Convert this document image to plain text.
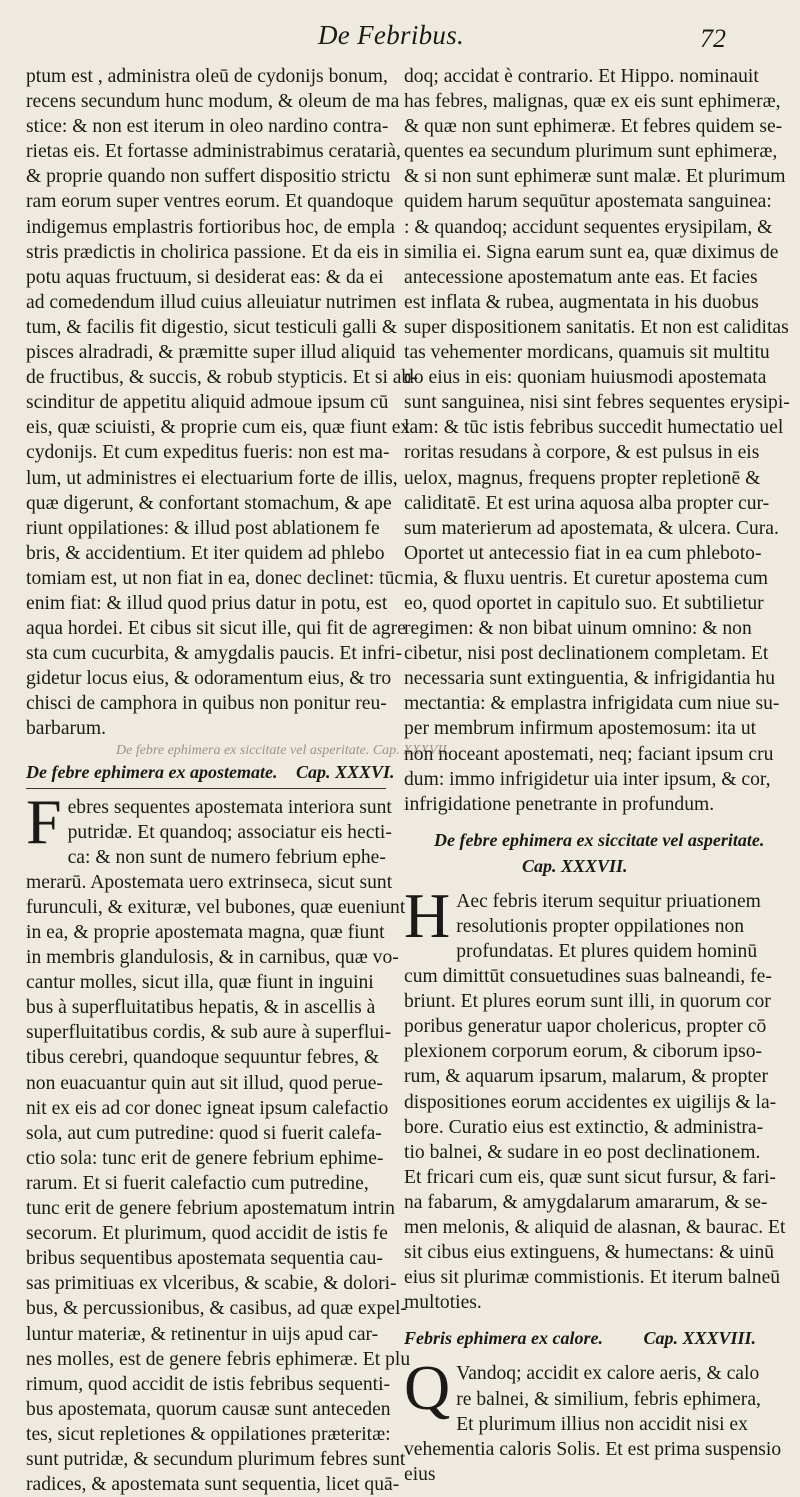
De Febribus.	72
ptum est , administra oleū de cydonijs bonum,
recens secundum hunc modum, & oleum de ma
stice: & non est iterum in oleo nardino contra-
rietas eis. Et fortasse administrabimus ceratarià,
& proprie quando non suffert dispositio strictu
ram eorum super ventres eorum. Et quandoque
indigemus emplastris fortioribus hoc, de empla
stris prædictis in cholirica passione. Et da eis in
potu aquas fructuum, si desiderat eas: & da ei
ad comedendum illud cuius alleuiatur nutrimen
tum, & facilis fit digestio, sicut testiculi galli &
pisces alradradi, & præmitte super illud aliquid
de fructibus, & succis, & robub stypticis. Et si ab-
scinditur de appetitu aliquid admoue ipsum cū
eis, quæ sciuisti, & proprie cum eis, quæ fiunt ex
cydonijs. Et cum expeditus fueris: non est ma-
lum, ut administres ei electuarium forte de illis,
quæ digerunt, & confortant stomachum, & ape
riunt oppilationes: & illud post ablationem fe
bris, & accidentium. Et iter quidem ad phlebo
tomiam est, ut non fiat in ea, donec declinet: tūc
enim fiat: & illud quod prius datur in potu, est
aqua hordei. Et cibus sit sicut ille, qui fit de agre
sta cum cucurbita, & amygdalis paucis. Et infri-
gidetur locus eius, & odoramentum eius, & tro
chisci de camphora in quibus non ponitur reu-
barbarum.
De febre ephimera ex siccitate vel asperitate. Cap. XXXVII.
De febre ephimera ex apostemate. Cap. XXXVI.
F ebres sequentes apostemata interiora sunt
putridæ. Et quandoq; associatur eis hecti-
ca: & non sunt de numero febrium ephe-
merarū. Apostemata uero extrinseca, sicut sunt
furunculi, & exituræ, vel bubones, quæ eueniunt
in ea, & proprie apostemata magna, quæ fiunt
in membris glandulosis, & in carnibus, quæ vo-
cantur molles, sicut illa, quæ fiunt in inguini
bus à superfluitatibus hepatis, & in ascellis à
superfluitatibus cordis, & sub aure à superflui-
tibus cerebri, quandoque sequuntur febres, &
non euacuantur quin aut sit illud, quod perue-
nit ex eis ad cor donec igneat ipsum calefactio
sola, aut cum putredine: quod si fuerit calefa-
ctio sola: tunc erit de genere febrium ephime-
rarum. Et si fuerit calefactio cum putredine,
tunc erit de genere febrium apostematum intrin
secorum. Et plurimum, quod accidit de istis fe
bribus sequentibus apostemata sequentia cau-
sas primitiuas ex vlceribus, & scabie, & dolori-
bus, & percussionibus, & casibus, ad quæ expel-
luntur materiæ, & retinentur in uijs apud car-
nes molles, est de genere febris ephimeræ. Et plu
rimum, quod accidit de istis febribus sequenti-
bus apostemata, quorum causæ sunt anteceden
tes, sicut repletiones & oppilationes præteritæ:
sunt putridæ, & secundum plurimum febres sunt
radices, & apostemata sunt sequentia, licet quā-
doq; accidat è contrario. Et Hippo. nominauit
has febres, malignas, quæ ex eis sunt ephimeræ,
& quæ non sunt ephimeræ. Et febres quidem se-
quentes ea secundum plurimum sunt ephimeræ,
& si non sunt ephimeræ sunt malæ. Et plurimum
quidem harum sequūtur apostemata sanguinea:
: & quandoq; accidunt sequentes erysipilam, &
similia ei. Signa earum sunt ea, quæ diximus de
antecessione apostematum ante eas. Et facies
est inflata & rubea, augmentata in his duobus
super dispositionem sanitatis. Et non est caliditas
tas vehementer mordicans, quamuis sit multitu
do eius in eis: quoniam huiusmodi apostemata
sunt sanguinea, nisi sint febres sequentes erysipi-
lam: & tūc istis febribus succedit humectatio uel
roritas resudans à corpore, & est pulsus in eis
uelox, magnus, frequens propter repletionē &
caliditatē. Et est urina aquosa alba propter cur-
sum materierum ad apostemata, & ulcera. Cura.
Oportet ut antecessio fiat in ea cum phleboto-
mia, & fluxu uentris. Et curetur apostema cum
eo, quod oportet in capitulo suo. Et subtilietur
regimen: & non bibat uinum omnino: & non
cibetur, nisi post declinationem completam. Et
necessaria sunt extinguentia, & infrigidantia hu
mectantia: & emplastra infrigidata cum niue su-
per membrum infirmum apostemosum: ita ut
non noceant apostemati, neq; faciant ipsum cru
dum: immo infrigidetur uia inter ipsum, & cor,
infrigidatione penetrante in profundum.
De febre ephimera ex siccitate vel asperitate.
Cap. XXXVII.
H Aec febris iterum sequitur priuationem
resolutionis propter oppilationes non
profundatas. Et plures quidem hominū
cum dimittūt consuetudines suas balneandi, fe-
briunt. Et plures eorum sunt illi, in quorum cor
poribus generatur uapor cholericus, propter cō
plexionem corporum eorum, & ciborum ipso-
rum, & aquarum ipsarum, malarum, & propter
dispositiones eorum accidentes ex uigilijs & la-
bore. Curatio eius est extinctio, & administra-
tio balnei, & sudare in eo post declinationem.
Et fricari cum eis, quæ sunt sicut fursur, & fari-
na fabarum, & amygdalarum amararum, & se-
men melonis, & aliquid de alasnan, & baurac. Et
sit cibus eius extinguens, & humectans: & uinū
eius sit plurimæ commistionis. Et iterum balneū
multoties.
Febris ephimera ex calore. Cap. XXXVIII.
Q Vandoq; accidit ex calore aeris, & calo
re balnei, & similium, febris ephimera,
Et plurimum illius non accidit nisi ex
vehementia caloris Solis. Et est prima suspensio
eius
